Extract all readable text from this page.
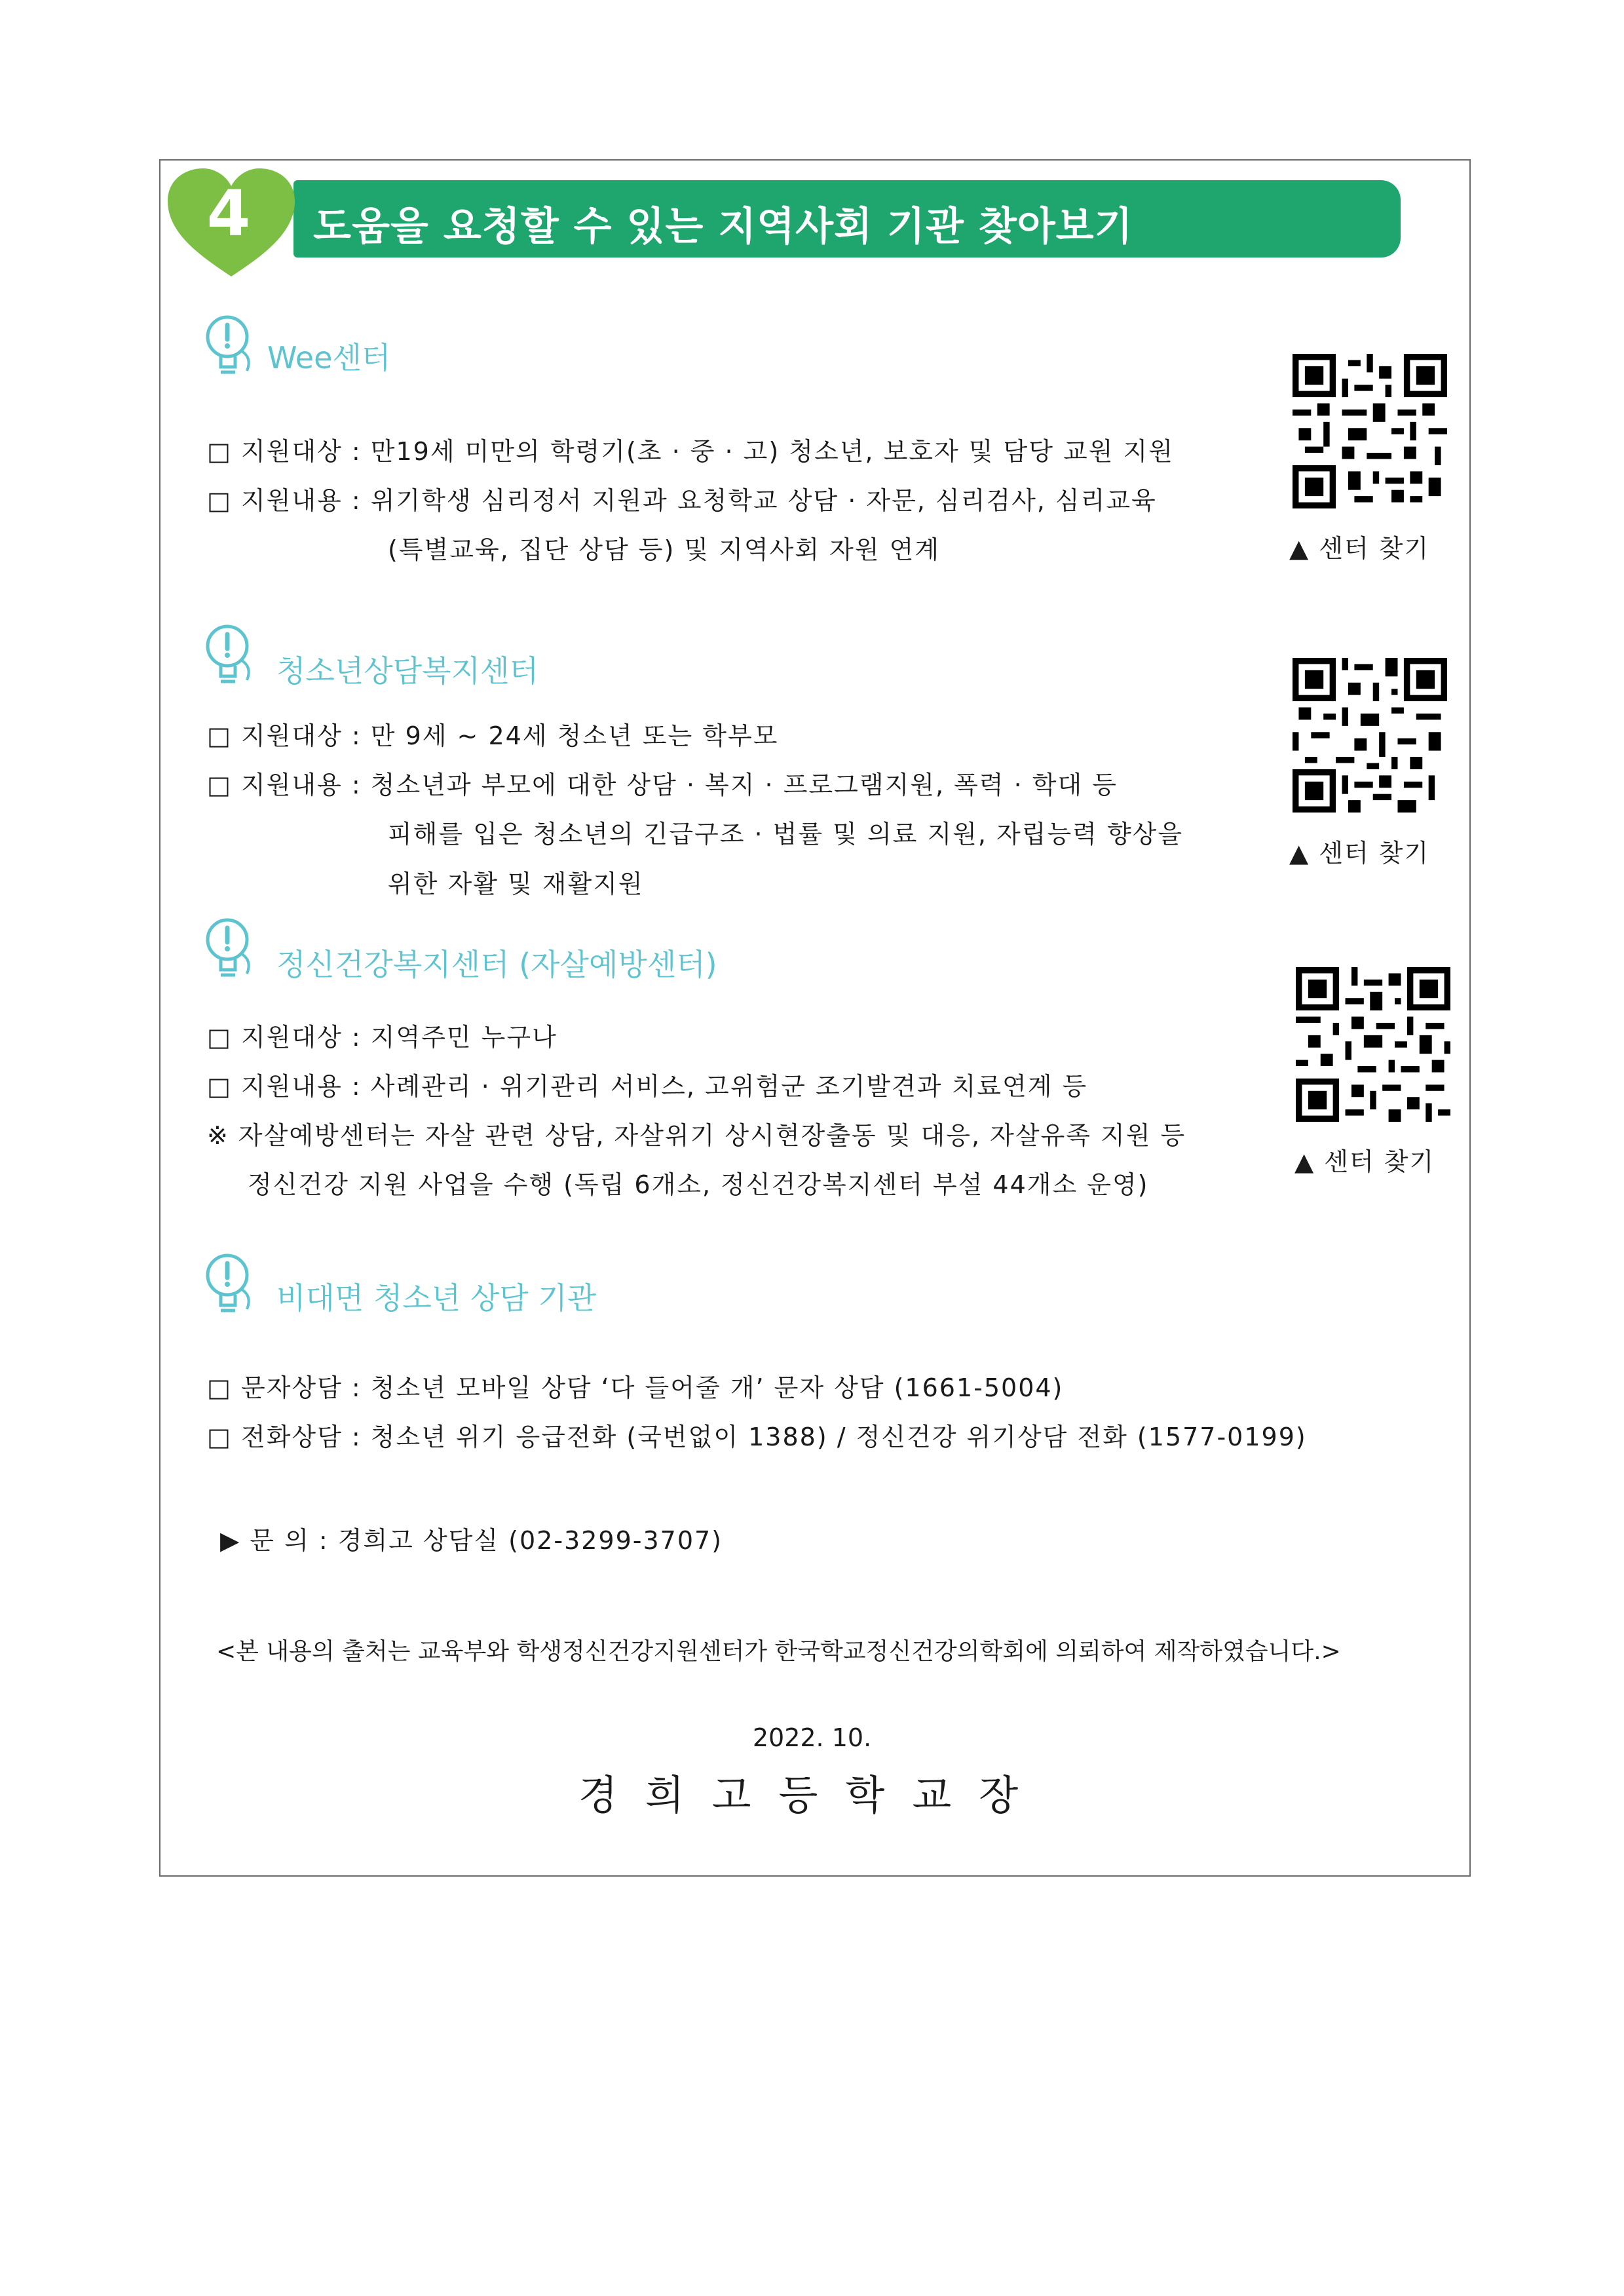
4 도움을 요청할 수 있는 지역사회 기관 찾아보기
Wee센터
□ 지원대상 : 만19세 미만의 학령기(초 · 중 · 고) 청소년, 보호자 및 담당 교원 지원
□ 지원내용 : 위기학생 심리정서 지원과 요청학교 상담 · 자문, 심리검사, 심리교육
(특별교육, 집단 상담 등) 및 지역사회 자원 연계	▲ 센터 찾기
청소년상담복지센터
□ 지원대상 : 만 9세 ~ 24세 청소년 또는 학부모
□ 지원내용 : 청소년과 부모에 대한 상담 · 복지 · 프로그램지원, 폭력 · 학대 등
피해를 입은 청소년의 긴급구조 · 법률 및 의료 지원, 자립능력 향상을
위한 자활 및 재활지원
▲ 센터 찾기
정신건강복지센터 (자살예방센터)
□ 지원대상 : 지역주민 누구나
□ 지원내용 : 사례관리 · 위기관리 서비스, 고위험군 조기발견과 치료연계 등
※ 자살예방센터는 자살 관련 상담, 자살위기 상시현장출동 및 대응, 자살유족 지원 등
정신건강 지원 사업을 수행 (독립 6개소, 정신건강복지센터 부설 44개소 운영)
▲ 센터 찾기
비대면 청소년 상담 기관
□ 문자상담 : 청소년 모바일 상담 ‘다 들어줄 개’ 문자 상담 (1661-5004)
□ 전화상담 : 청소년 위기 응급전화 (국번없이 1388) / 정신건강 위기상담 전화 (1577-0199)
▶ 문 의 : 경희고 상담실 (02-3299-3707)
<본 내용의 출처는 교육부와 학생정신건강지원센터가 한국학교정신건강의학회에 의뢰하여 제작하였습니다.>
2022. 10.
경희고등학교장
